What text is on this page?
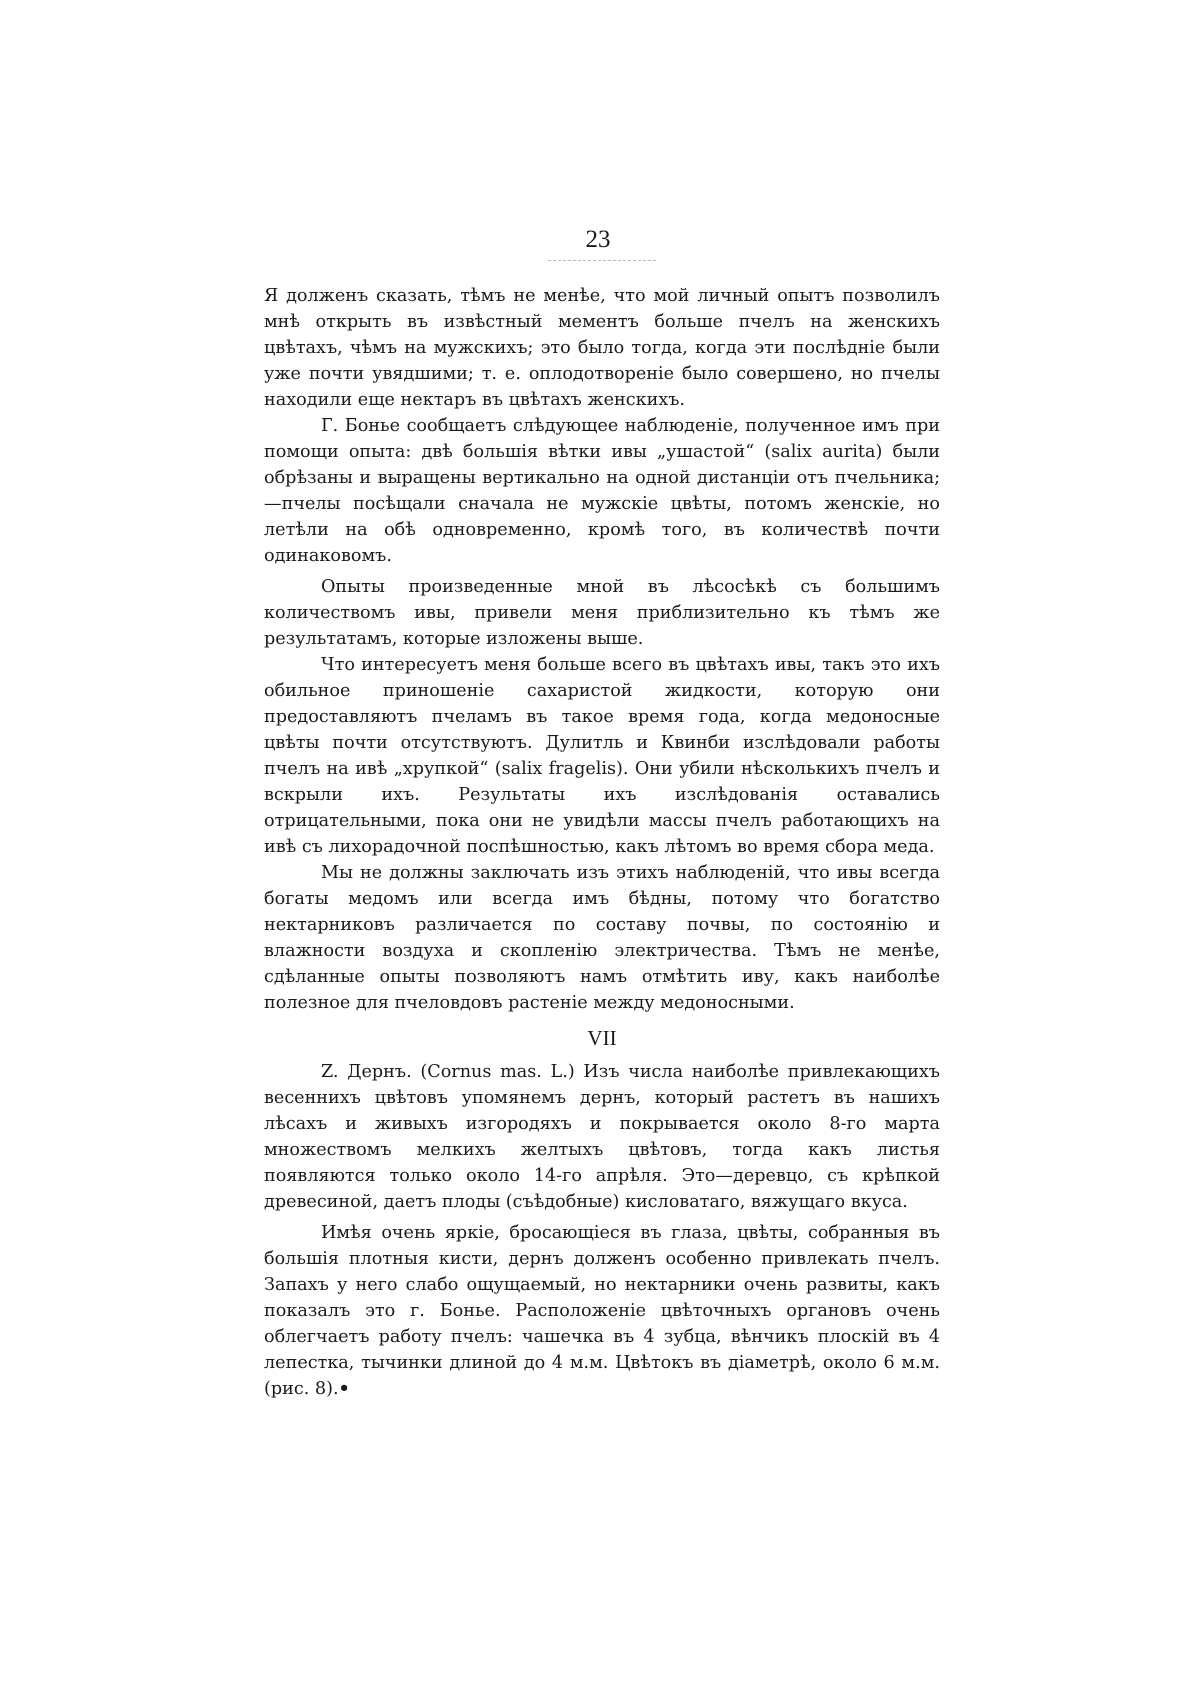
23

Я долженъ сказать, тѣмъ не менѣе, что мой личный опытъ позволилъ мнѣ открыть въ извѣстный мементъ больше пчелъ на женскихъ цвѣтахъ, чѣмъ на мужскихъ; это было тогда, когда эти послѣдніе были уже почти увядшими; т. е. оплодотвореніе было совершено, но пчелы находили еще нектаръ въ цвѣтахъ женскихъ.

Г. Боньe сообщаетъ слѣдующее наблюденіе, полученное имъ при помощи опыта: двѣ большія вѣтки ивы „ушастой“ (salix aurita) были обрѣзаны и выращены вертикально на одной дистанціи отъ пчельника;—пчелы посѣщали сначала не мужскіе цвѣты, потомъ женскіе, но летѣли на обѣ одновременно, кромѣ того, въ количествѣ почти одинаковомъ.

Опыты произведенные мной въ лѣсосѣкѣ съ большимъ количествомъ ивы, привели меня приблизительно къ тѣмъ же результатамъ, которые изложены выше.

Что интересуетъ меня больше всего въ цвѣтахъ ивы, такъ это ихъ обильное приношеніе сахаристой жидкости, которую они предоставляютъ пчеламъ въ такое время года, когда медоносные цвѣты почти отсутствуютъ. Дулитль и Квинби изслѣдовали работы пчелъ на ивѣ „хрупкой“ (salix fragelis). Они убили нѣсколькихъ пчелъ и вскрыли ихъ. Результаты ихъ изслѣдованія оставались отрицательными, пока они не увидѣли массы пчелъ работающихъ на ивѣ съ лихорадочной поспѣшностью, какъ лѣтомъ во время сбора меда.

Мы не должны заключать изъ этихъ наблюденій, что ивы всегда богаты медомъ или всегда имъ бѣдны, потому что богатство нектарниковъ различается по составу почвы, по состоянію и влажности воздуха и скопленію электричества. Тѣмъ не менѣе, сдѣланные опыты позволяютъ намъ отмѣтить иву, какъ наиболѣе полезное для пчеловдовъ растеніе между медоносными.

VII

Z. Дернъ. (Cornus mas. L.) Изъ числа наиболѣе привлекающихъ весеннихъ цвѣтовъ упомянемъ дернъ, который растетъ въ нашихъ лѣсахъ и живыхъ изгородяхъ и покрывается около 8-го марта множествомъ мелкихъ желтыхъ цвѣтовъ, тогда какъ листья появляются только около 14-го апрѣля. Это—деревцо, съ крѣпкой древесиной, даетъ плоды (съѣдобные) кисловатаго, вяжущаго вкуса.

Имѣя очень яркіе, бросающіеся въ глаза, цвѣты, собранныя въ большія плотныя кисти, дернъ долженъ особенно привлекать пчелъ. Запахъ у него слабо ощущаемый, но нектарники очень развиты, какъ показалъ это г. Боньe. Расположеніе цвѣточныхъ органовъ очень облегчаетъ работу пчелъ: чашечка въ 4 зубца, вѣнчикъ плоскій въ 4 лепестка, тычинки длиной до 4 м.м. Цвѣтокъ въ діаметрѣ, около 6 м.м. (рис. 8).•
